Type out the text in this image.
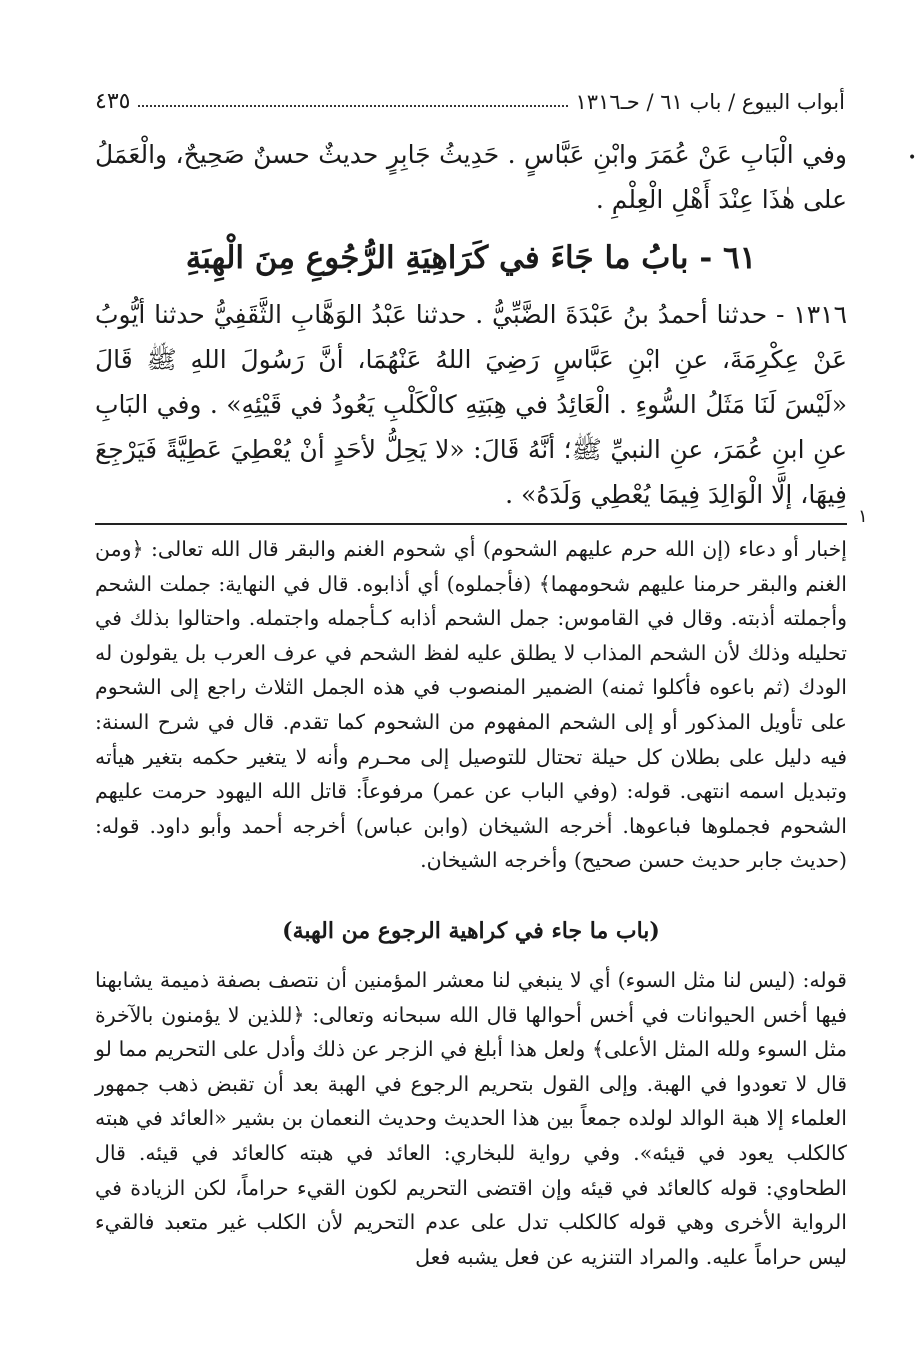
أبواب البيوع / باب ٦١ / حـ١٣١٦
٤٣٥
•
وفي الْبَابِ عَنْ عُمَرَ وابْنِ عَبَّاسٍ . حَدِيثُ جَابِرٍ حديثٌ حسنٌ صَحِيحٌ، والْعَمَلُ على هٰذَا عِنْدَ أَهْلِ الْعِلْمِ .
٦١ - بابُ ما جَاءَ في كَرَاهِيَةِ الرُّجُوعِ مِنَ الْهِبَةِ
١٣١٦ - حدثنا أحمدُ بنُ عَبْدَةَ الضَّبِّيُّ . حدثنا عَبْدُ الوَهَّابِ الثَّقَفِيُّ حدثنا أيُّوبُ عَنْ عِكْرِمَةَ، عنِ ابْنِ عَبَّاسٍ رَضِيَ اللهُ عَنْهُمَا، أنَّ رَسُولَ اللهِ ﷺ قَالَ «لَيْسَ لَنَا مَثَلُ السُّوءِ . الْعَائِدُ في هِبَتِهِ كالْكَلْبِ يَعُودُ في قَيْئِهِ» . وفي البَابِ عنِ ابنِ عُمَرَ، عنِ النبيِّ ﷺ؛ أنَّهُ قَالَ: «لا يَحِلُّ لأحَدٍ أنْ يُعْطِيَ عَطِيَّةً فَيَرْجِعَ فِيهَا، إلَّا الْوَالِدَ فِيمَا يُعْطِي وَلَدَهُ» .
١
إخبار أو دعاء (إن الله حرم عليهم الشحوم) أي شحوم الغنم والبقر قال الله تعالى: ﴿ومن الغنم والبقر حرمنا عليهم شحومهما﴾ (فأجملوه) أي أذابوه. قال في النهاية: جملت الشحم وأجملته أذبته. وقال في القاموس: جمل الشحم أذابه كـأجمله واجتمله. واحتالوا بذلك في تحليله وذلك لأن الشحم المذاب لا يطلق عليه لفظ الشحم في عرف العرب بل يقولون له الودك (ثم باعوه فأكلوا ثمنه) الضمير المنصوب في هذه الجمل الثلاث راجع إلى الشحوم على تأويل المذكور أو إلى الشحم المفهوم من الشحوم كما تقدم. قال في شرح السنة: فيه دليل على بطلان كل حيلة تحتال للتوصيل إلى محـرم وأنه لا يتغير حكمه بتغير هيأته وتبديل اسمه انتهى. قوله: (وفي الباب عن عمر) مرفوعاً: قاتل الله اليهود حرمت عليهم الشحوم فجملوها فباعوها. أخرجه الشيخان (وابن عباس) أخرجه أحمد وأبو داود. قوله: (حديث جابر حديث حسن صحيح) وأخرجه الشيخان.
(باب ما جاء في كراهية الرجوع من الهبة)
قوله: (ليس لنا مثل السوء) أي لا ينبغي لنا معشر المؤمنين أن نتصف بصفة ذميمة يشابهنا فيها أخس الحيوانات في أخس أحوالها قال الله سبحانه وتعالى: ﴿للذين لا يؤمنون بالآخرة مثل السوء ولله المثل الأعلى﴾ ولعل هذا أبلغ في الزجر عن ذلك وأدل على التحريم مما لو قال لا تعودوا في الهبة. وإلى القول بتحريم الرجوع في الهبة بعد أن تقبض ذهب جمهور العلماء إلا هبة الوالد لولده جمعاً بين هذا الحديث وحديث النعمان بن بشير «العائد في هبته كالكلب يعود في قيئه». وفي رواية للبخاري: العائد في هبته كالعائد في قيئه. قال الطحاوي: قوله كالعائد في قيئه وإن اقتضى التحريم لكون القيء حراماً، لكن الزيادة في الرواية الأخرى وهي قوله كالكلب تدل على عدم التحريم لأن الكلب غير متعبد فالقيء ليس حراماً عليه. والمراد التنزيه عن فعل يشبه فعل
